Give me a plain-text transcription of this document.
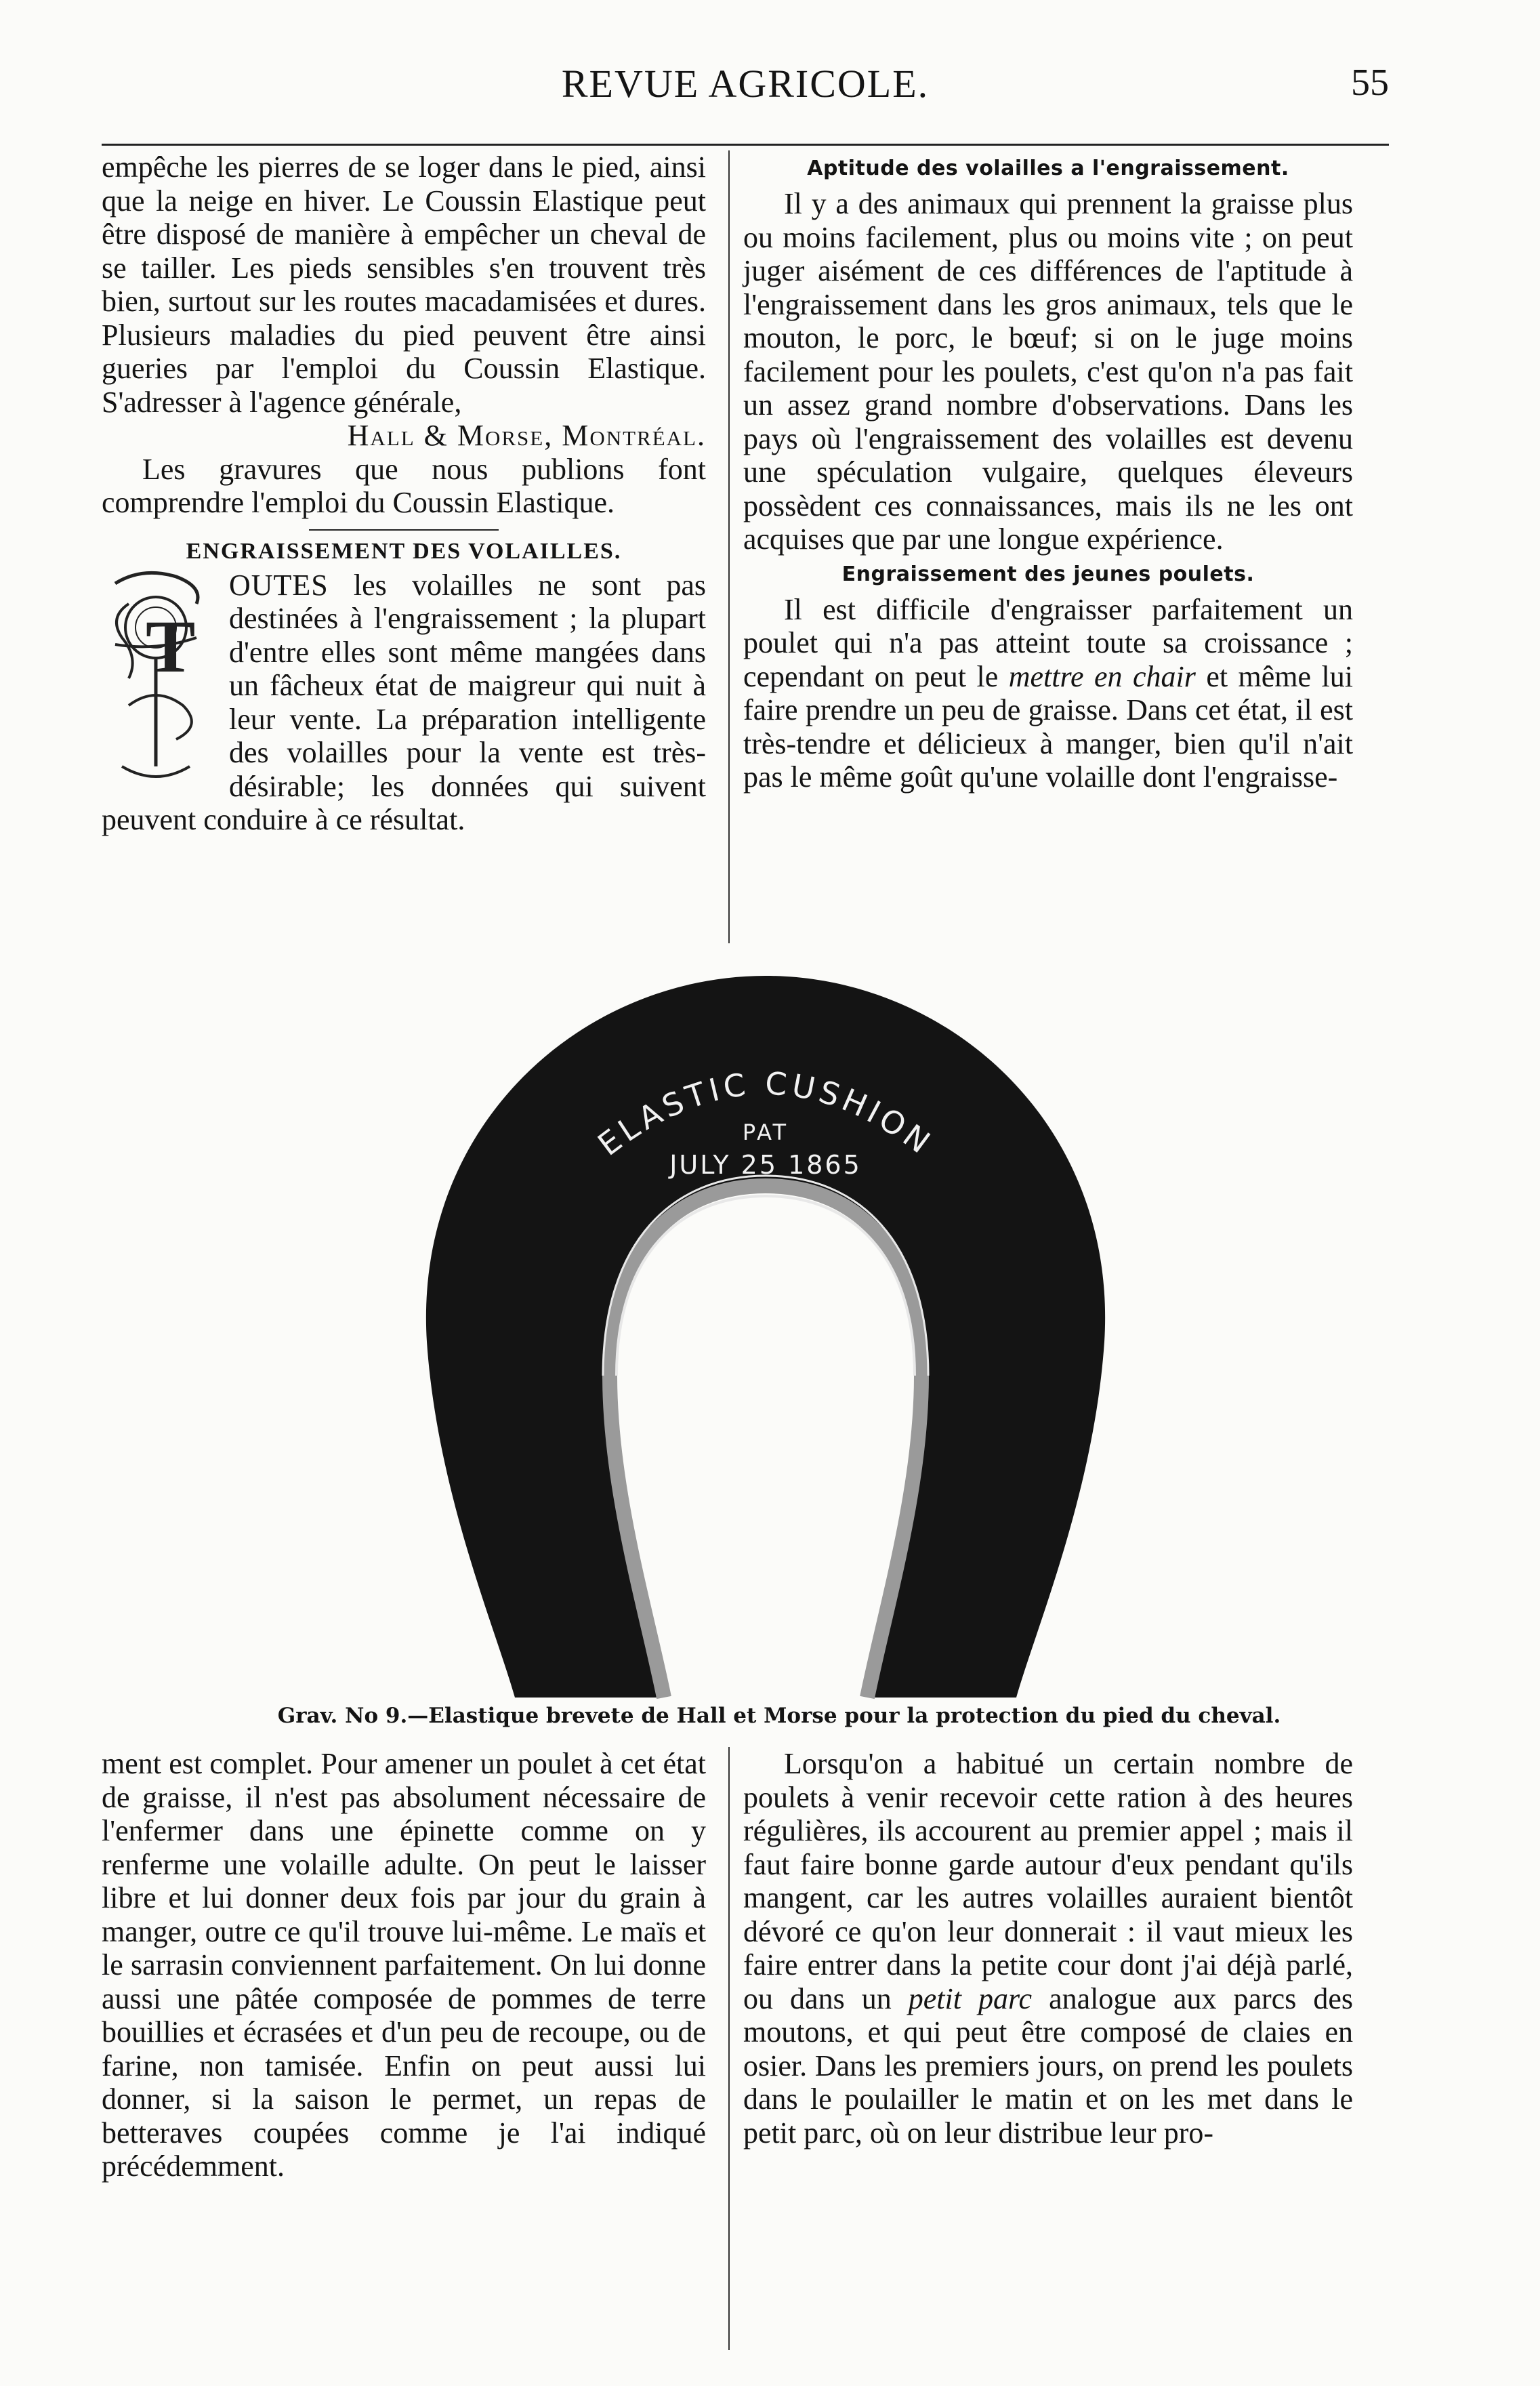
REVUE AGRICOLE.	55

empêche les pierres de se loger dans le pied, ainsi que la neige en hiver. Le Coussin Elastique peut être disposé de manière à empêcher un cheval de se tailler. Les pieds sensibles s'en trouvent très bien, surtout sur les routes macadamisées et dures. Plusieurs maladies du pied peuvent être ainsi gueries par l'emploi du Coussin Elastique. S'adresser à l'agence générale,

Hall & Morse, Montréal.

Les gravures que nous publions font comprendre l'emploi du Coussin Elastique.

ENGRAISSEMENT DES VOLAILLES.
T

OUTES les volailles ne sont pas destinées à l'engraissement ; la plupart d'entre elles sont même mangées dans un fâcheux état de maigreur qui nuit à leur vente. La préparation intelligente des volailles pour la vente est très-désirable; les données qui suivent peuvent conduire à ce résultat.

Aptitude des volailles a l'engraissement.

Il y a des animaux qui prennent la graisse plus ou moins facilement, plus ou moins vite ; on peut juger aisément de ces différences de l'aptitude à l'engraissement dans les gros animaux, tels que le mouton, le porc, le bœuf; si on le juge moins facilement pour les poulets, c'est qu'on n'a pas fait un assez grand nombre d'observations. Dans les pays où l'engraissement des volailles est devenu une spéculation vulgaire, quelques éleveurs possèdent ces connaissances, mais ils ne les ont acquises que par une longue expérience.

Engraissement des jeunes poulets.

Il est difficile d'engraisser parfaitement un poulet qui n'a pas atteint toute sa croissance ; cependant on peut le mettre en chair et même lui faire prendre un peu de graisse. Dans cet état, il est très-tendre et délicieux à manger, bien qu'il n'ait pas le même goût qu'une volaille dont l'engraisse-

ELASTIC CUSHION
PAT
JULY 25 1865
Grav. No 9.—Elastique brevete de Hall et Morse pour la protection du pied du cheval.

ment est complet. Pour amener un poulet à cet état de graisse, il n'est pas absolument nécessaire de l'enfermer dans une épinette comme on y renferme une volaille adulte. On peut le laisser libre et lui donner deux fois par jour du grain à manger, outre ce qu'il trouve lui-même. Le maïs et le sarrasin conviennent parfaitement. On lui donne aussi une pâtée composée de pommes de terre bouillies et écrasées et d'un peu de recoupe, ou de farine, non tamisée. Enfin on peut aussi lui donner, si la saison le permet, un repas de betteraves coupées comme je l'ai indiqué précédemment.

Lorsqu'on a habitué un certain nombre de poulets à venir recevoir cette ration à des heures régulières, ils accourent au premier appel ; mais il faut faire bonne garde autour d'eux pendant qu'ils mangent, car les autres volailles auraient bientôt dévoré ce qu'on leur donnerait : il vaut mieux les faire entrer dans la petite cour dont j'ai déjà parlé, ou dans un petit parc analogue aux parcs des moutons, et qui peut être composé de claies en osier. Dans les premiers jours, on prend les poulets dans le poulailler le matin et on les met dans le petit parc, où on leur distribue leur pro-
